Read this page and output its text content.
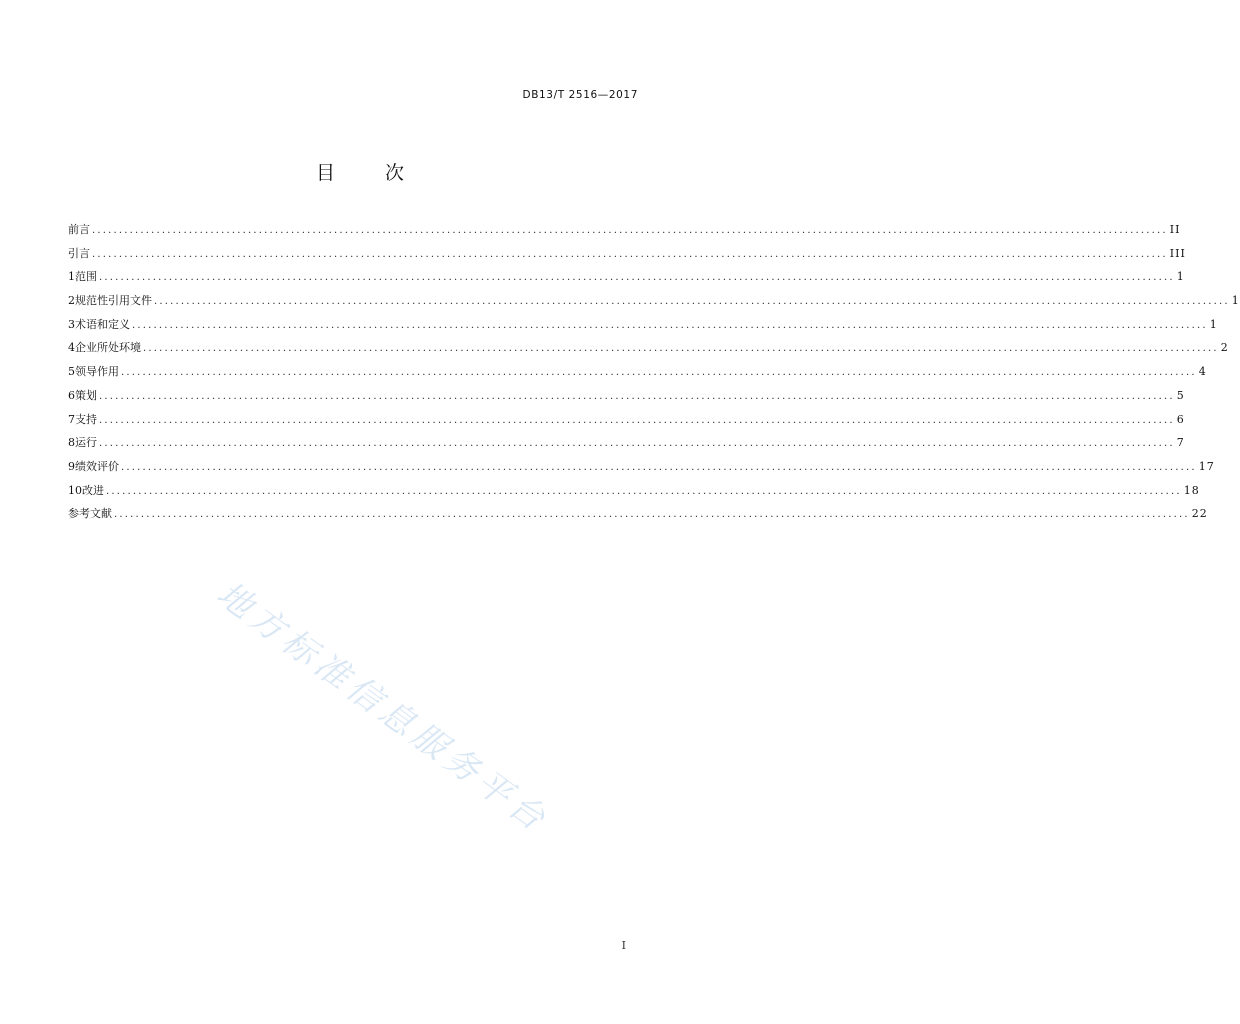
DB13/T 2516—2017
目 次
前言 ........................................................................................................................................................................................................ II
引言 ........................................................................................................................................................................................................ III
1 范围 ........................................................................................................................................................................................................ 1
2 规范性引用文件 ........................................................................................................................................................................................................ 1
3 术语和定义 ........................................................................................................................................................................................................ 1
4 企业所处环境 ........................................................................................................................................................................................................ 2
5 领导作用 ........................................................................................................................................................................................................ 4
6 策划 ........................................................................................................................................................................................................ 5
7 支持 ........................................................................................................................................................................................................ 6
8 运行 ........................................................................................................................................................................................................ 7
9 绩效评价 ........................................................................................................................................................................................................ 17
10 改进 ........................................................................................................................................................................................................ 18
参考文献 ........................................................................................................................................................................................................ 22
地方标准信息服务平台
I
